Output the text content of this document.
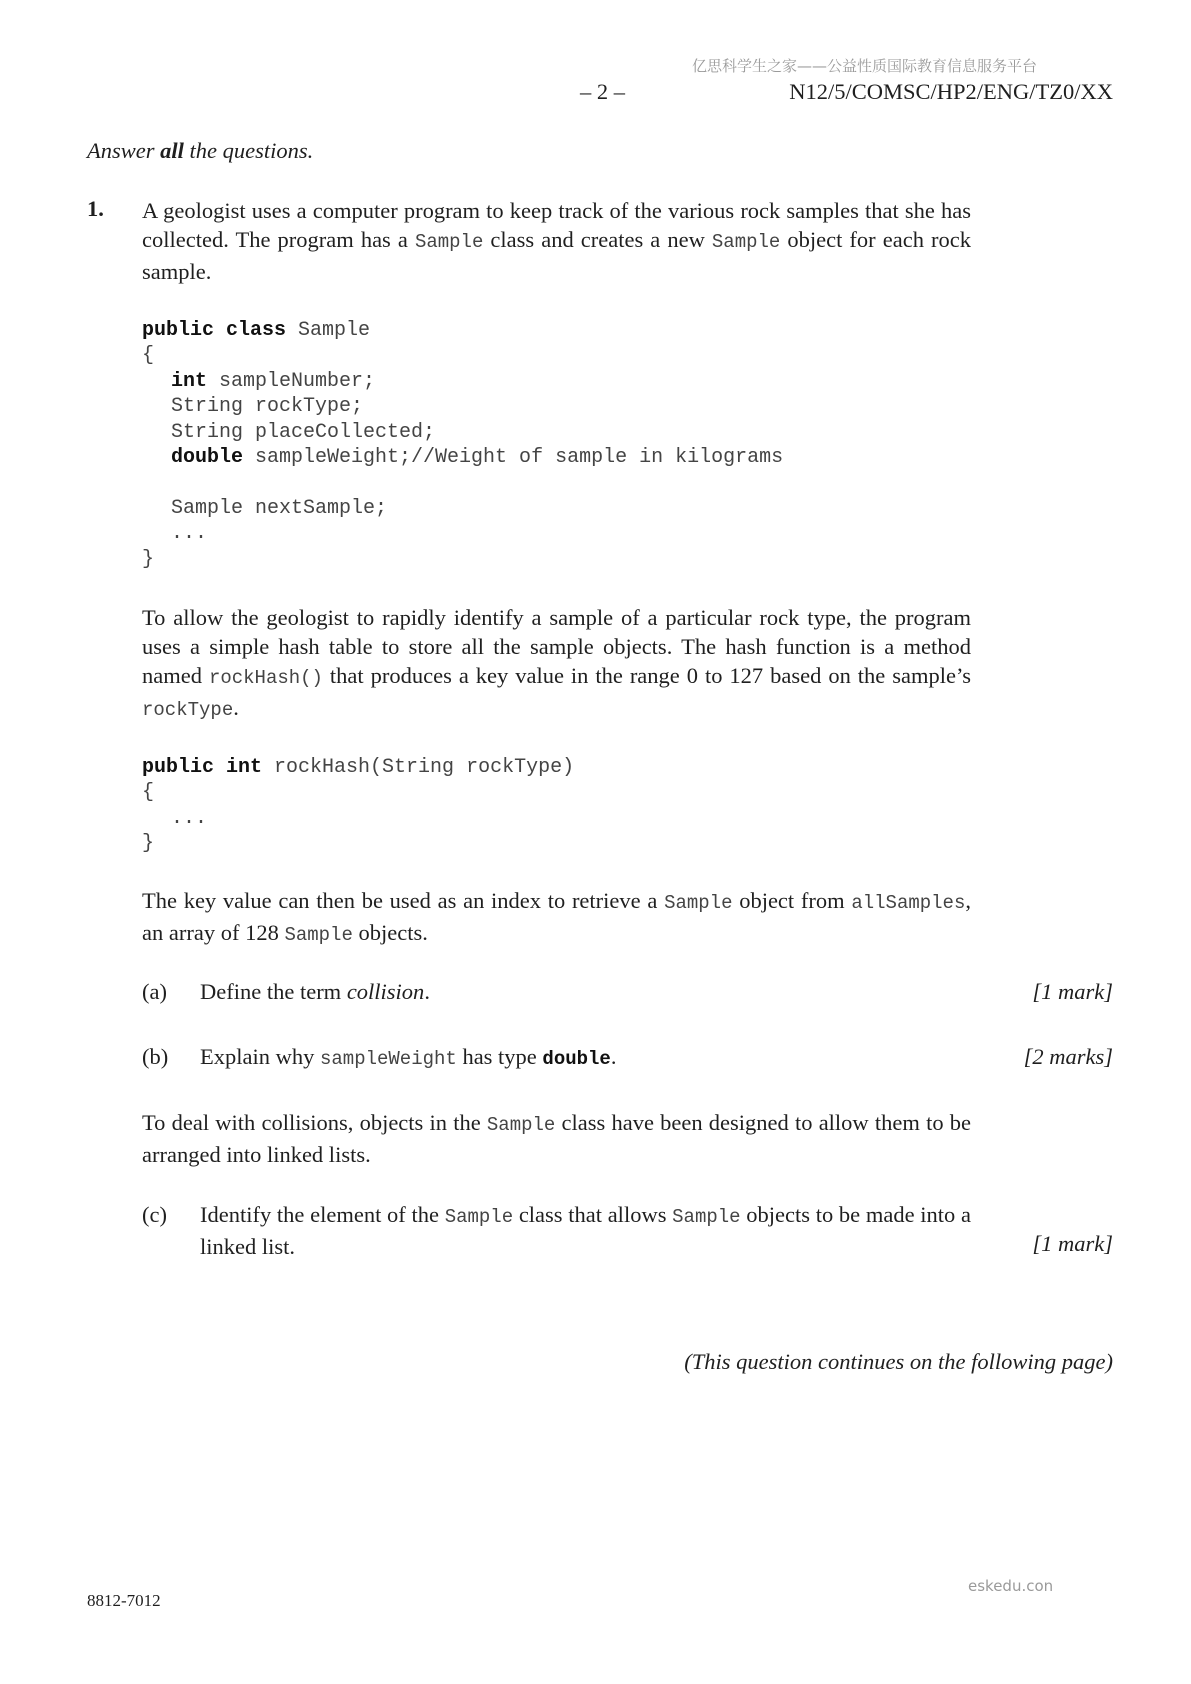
亿思科学生之家——公益性质国际教育信息服务平台
– 2 –	N12/5/COMSC/HP2/ENG/TZ0/XX
Answer all the questions.
1. A geologist uses a computer program to keep track of the various rock samples that she has collected. The program has a Sample class and creates a new Sample object for each rock sample.
public class Sample
{
int sampleNumber;
String rockType;
String placeCollected;
double sampleWeight;//Weight of sample in kilograms
Sample nextSample;
...
}
To allow the geologist to rapidly identify a sample of a particular rock type, the program uses a simple hash table to store all the sample objects. The hash function is a method named rockHash() that produces a key value in the range 0 to 127 based on the sample’s rockType.
public int rockHash(String rockType)
{
...
}
The key value can then be used as an index to retrieve a Sample object from allSamples, an array of 128 Sample objects.
(a) Define the term collision.	[1 mark]
(b) Explain why sampleWeight has type double.	[2 marks]
To deal with collisions, objects in the Sample class have been designed to allow them to be arranged into linked lists.
(c) Identify the element of the Sample class that allows Sample objects to be made into a linked list.	[1 mark]
(This question continues on the following page)
8812-7012
eskedu.con
